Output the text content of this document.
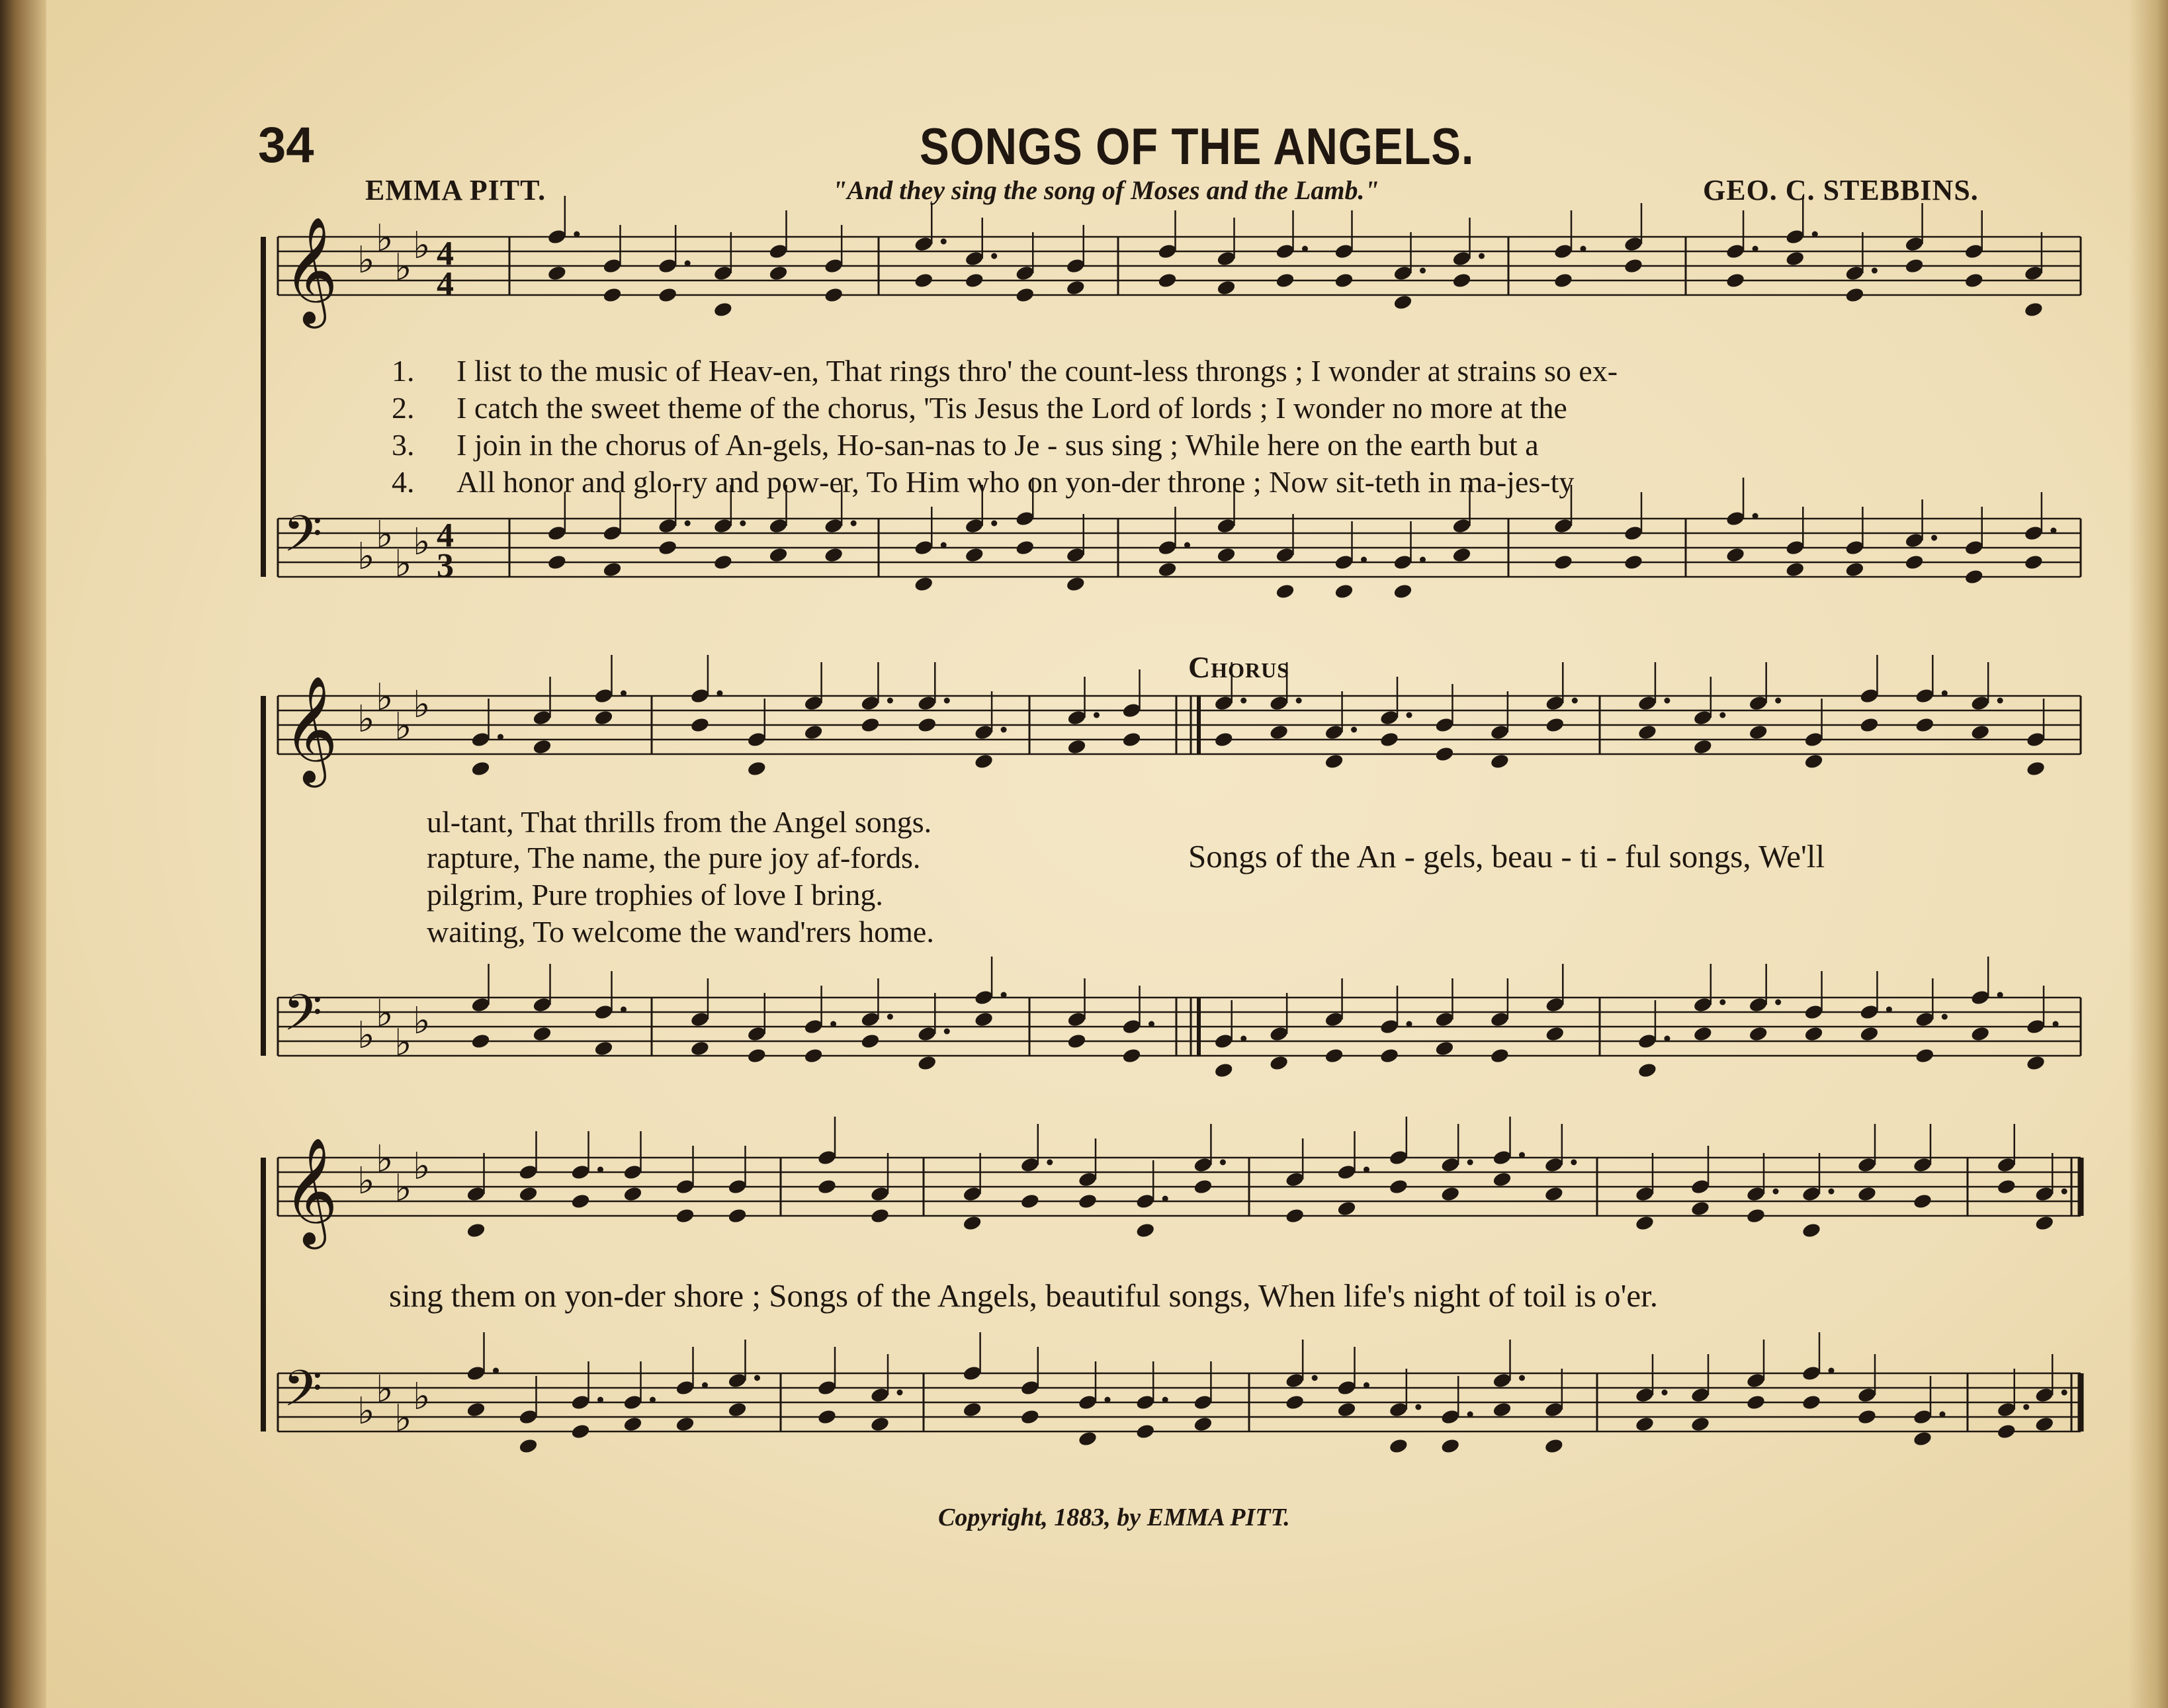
𝄞 ♭
♭
♭
♭ 4
4
𝄢 ♭
♭
♭
♭ 4
3
𝄞 ♭
♭
♭
♭
𝄢 ♭
♭
♭
♭
𝄞 ♭
♭
♭
♭
𝄢 ♭
♭
♭
♭
34	SONGS OF THE ANGELS.
EMMA PITT.	"And they sing the song of Moses and the Lamb."	GEO. C. STEBBINS.
1. I list to the music of Heav-en, That rings thro' the count-less throngs ; I wonder at strains so ex-
2. I catch the sweet theme of the chorus, 'Tis Jesus the Lord of lords ; I wonder no more at the
3. I join in the chorus of An-gels, Ho-san-nas to Je - sus sing ; While here on the earth but a
4. All honor and glo-ry and pow-er, To Him who on yon-der throne ; Now sit-teth in ma-jes-ty
ul-tant, That thrills from the Angel songs.
rapture, The name, the pure joy af-fords.
pilgrim, Pure trophies of love I bring.
waiting, To welcome the wand'rers home.
Chorus
Songs of the An - gels, beau - ti - ful songs, We'll
sing them on yon-der shore ; Songs of the Angels, beautiful songs, When life's night of toil is o'er.
Copyright, 1883, by EMMA PITT.
